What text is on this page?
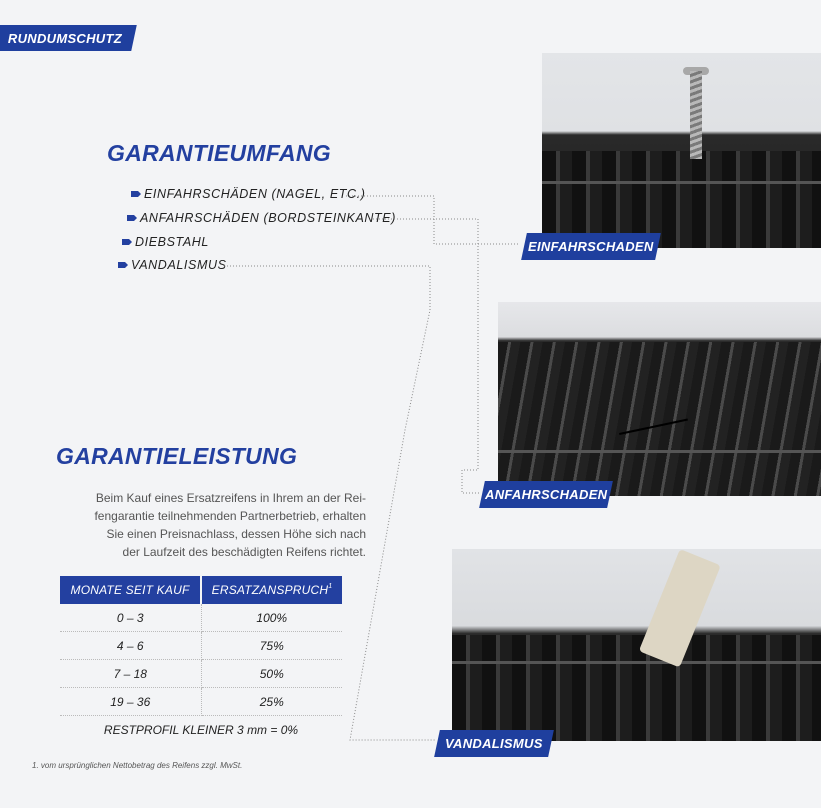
RUNDUMSCHUTZ
GARANTIEUMFANG
EINFAHRSCHÄDEN (NAGEL, ETC.)
ANFAHRSCHÄDEN (BORDSTEINKANTE)
DIEBSTAHL
VANDALISMUS
GARANTIELEISTUNG
Beim Kauf eines Ersatzreifens in Ihrem an der Rei-
fengarantie teilnehmenden Partnerbetrieb, erhalten
Sie einen Preisnachlass, dessen Höhe sich nach
der Laufzeit des beschädigten Reifens richtet.
MONATE SEIT KAUF	ERSATZANSPRUCH$^1$
0 – 3	100%
4 – 6	75%
7 – 18	50%
19 – 36	25%
RESTPROFIL KLEINER 3 mm = 0%	
1. vom ursprünglichen Nettobetrag des Reifens zzgl. MwSt.
EINFAHRSCHADEN
ANFAHRSCHADEN
VANDALISMUS
